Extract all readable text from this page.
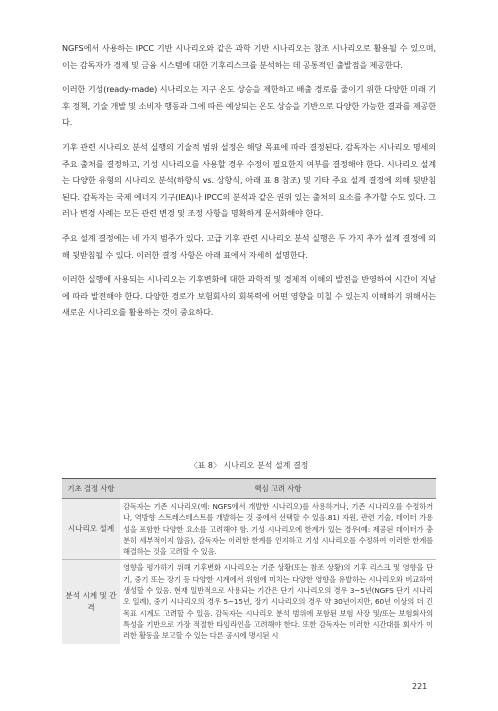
NGFS에서 사용하는 IPCC 기반 시나리오와 같은 과학 기반 시나리오는 참조 시나리오로 활용될 수 있으며, 이는 감독자가 경제 및 금융 시스템에 대한 기후리스크를 분석하는 데 공통적인 출발점을 제공한다.

이러한 기성(ready-made) 시나리오는 지구 온도 상승을 제한하고 배출 경로를 줄이기 위한 다양한 미래 기후 정책, 기술 개발 및 소비자 행동과 그에 따른 예상되는 온도 상승을 기반으로 다양한 가능한 결과를 제공한다.

기후 관련 시나리오 분석 실행의 기술적 범위 설정은 해당 목표에 따라 결정된다. 감독자는 시나리오 명세의 주요 출처를 결정하고, 기성 시나리오를 사용할 경우 수정이 필요한지 여부를 결정해야 한다. 시나리오 설계는 다양한 유형의 시나리오 분석(하향식 vs. 상향식, 아래 표 8 참조) 및 기타 주요 설계 결정에 의해 뒷받침된다. 감독자는 국제 에너지 기구(IEA)나 IPCC의 분석과 같은 권위 있는 출처의 요소를 추가할 수도 있다. 그러나 변경 사례는 모든 관련 변경 및 조정 사항을 명확하게 문서화해야 한다.

주요 설계 결정에는 네 가지 범주가 있다. 고급 기후 관련 시나리오 분석 실행은 두 가지 추가 설계 결정에 의해 뒷받침될 수 있다. 이러한 결정 사항은 아래 표에서 자세히 설명한다.

이러한 실행에 사용되는 시나리오는 기후변화에 대한 과학적 및 경제적 이해의 발전을 반영하여 시간이 지남에 따라 발전해야 한다. 다양한 경로가 보험회사의 회복력에 어떤 영향을 미칠 수 있는지 이해하기 위해서는 새로운 시나리오를 활용하는 것이 중요하다.

〈표 8〉 시나리오 분석 설계 결정
기초 결정 사항	핵심 고려 사항
시나리오 설계	감독자는 기존 시나리오(예: NGFS에서 개발한 시나리오)를 사용하거나, 기존 시나리오를 수정하거나, 역방향 스트레스테스트를 개발하는 것 중에서 선택할 수 있음.81) 자원, 관련 기술, 데이터 가용성을 포함한 다양한 요소를 고려해야 함. 기성 시나리오에 한계가 있는 경우(예: 제공된 데이터가 충분히 세부적이지 않음), 감독자는 이러한 한계를 인지하고 기성 시나리오를 수정하여 이러한 한계를 해결하는 것을 고려할 수 있음.
분석 시계 및 간격	영향을 평가하기 위해 기후변화 시나리오는 기준 상황(또는 참조 상황)의 기후 리스크 및 영향을 단기, 중기 또는 장기 등 다양한 시계에서 위험에 미치는 다양한 영향을 유발하는 시나리오와 비교하여 생성할 수 있음. 현재 일반적으로 사용되는 기간은 단기 시나리오의 경우 3~5년(NGFS 단기 시나리오 일례), 중기 시나리오의 경우 5~15년, 장기 시나리오의 경우 약 30년이지만, 60년 이상의 더 긴 목표 시계도 고려할 수 있음. 감독자는 시나리오 분석 범위에 포함된 보험 사장 및/또는 보험회사의 특성을 기반으로 가장 적절한 타임라인을 고려해야 한다. 또한 감독자는 이러한 시간대를 회사가 이러한 활동을 보고할 수 있는 다른 공시에 명시된 시
221
